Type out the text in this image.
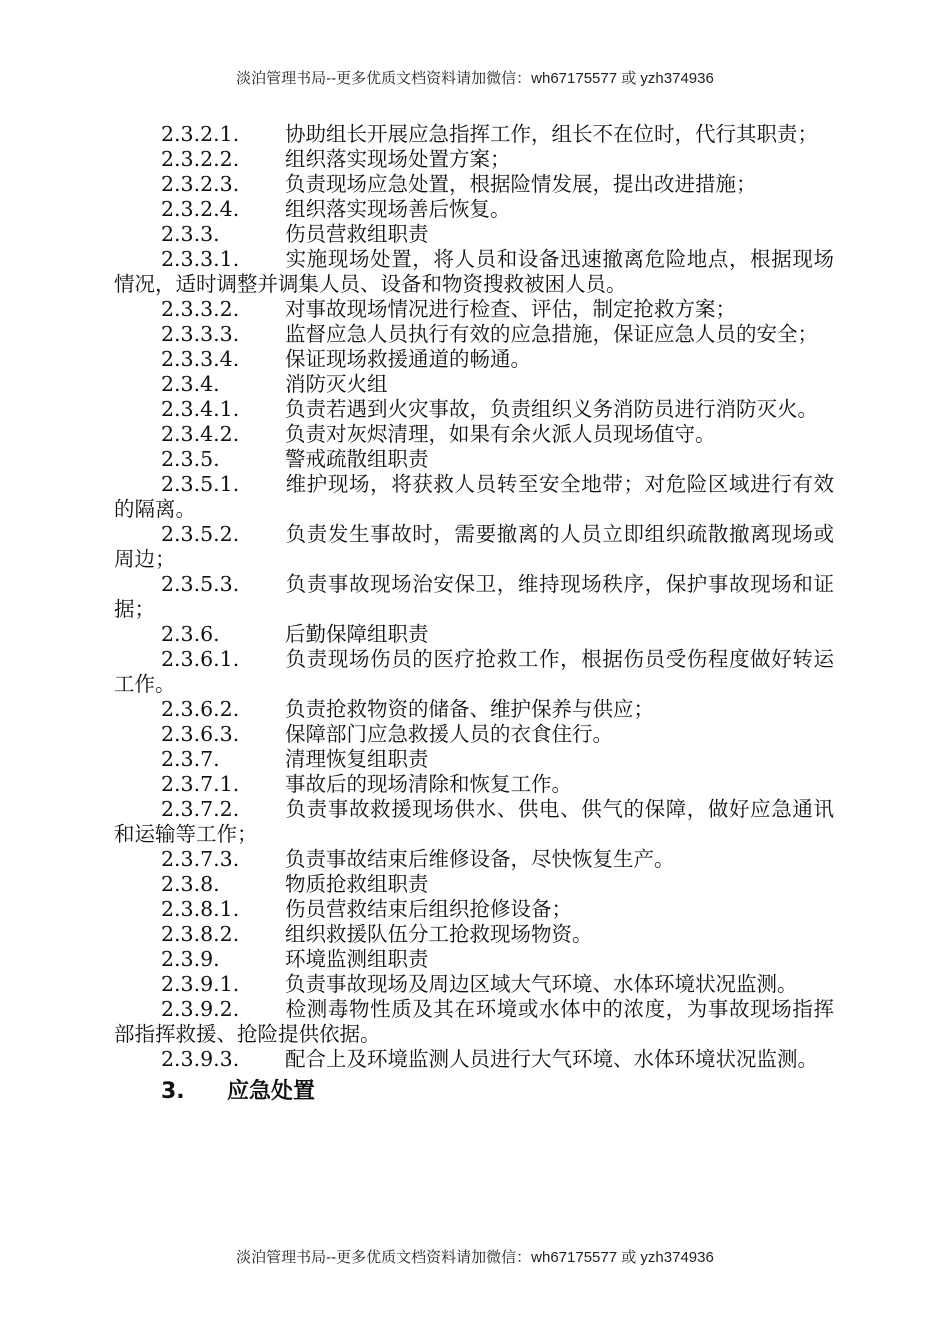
淡泊管理书局--更多优质文档资料请加微信：wh67175577 或 yzh374936
2.3.2.1. 协助组长开展应急指挥工作，组长不在位时，代行其职责；
2.3.2.2. 组织落实现场处置方案；
2.3.2.3. 负责现场应急处置，根据险情发展，提出改进措施；
2.3.2.4. 组织落实现场善后恢复。
2.3.3.	伤员营救组职责
2.3.3.1. 实施现场处置，将人员和设备迅速撤离危险地点，根据现场情况，适时调整并调集人员、设备和物资搜救被困人员。
2.3.3.2. 对事故现场情况进行检查、评估，制定抢救方案；
2.3.3.3. 监督应急人员执行有效的应急措施，保证应急人员的安全；
2.3.3.4. 保证现场救援通道的畅通。
2.3.4.	消防灭火组
2.3.4.1. 负责若遇到火灾事故，负责组织义务消防员进行消防灭火。
2.3.4.2. 负责对灰烬清理，如果有余火派人员现场值守。
2.3.5.	警戒疏散组职责
2.3.5.1. 维护现场，将获救人员转至安全地带；对危险区域进行有效的隔离。
2.3.5.2. 负责发生事故时，需要撤离的人员立即组织疏散撤离现场或周边；
2.3.5.3. 负责事故现场治安保卫，维持现场秩序，保护事故现场和证据；
2.3.6.	后勤保障组职责
2.3.6.1. 负责现场伤员的医疗抢救工作，根据伤员受伤程度做好转运工作。
2.3.6.2. 负责抢救物资的储备、维护保养与供应；
2.3.6.3. 保障部门应急救援人员的衣食住行。
2.3.7.	清理恢复组职责
2.3.7.1. 事故后的现场清除和恢复工作。
2.3.7.2. 负责事故救援现场供水、供电、供气的保障，做好应急通讯和运输等工作；
2.3.7.3. 负责事故结束后维修设备，尽快恢复生产。
2.3.8.	物质抢救组职责
2.3.8.1. 伤员营救结束后组织抢修设备；
2.3.8.2. 组织救援队伍分工抢救现场物资。
2.3.9.	环境监测组职责
2.3.9.1. 负责事故现场及周边区域大气环境、水体环境状况监测。
2.3.9.2. 检测毒物性质及其在环境或水体中的浓度，为事故现场指挥部指挥救援、抢险提供依据。
2.3.9.3. 配合上及环境监测人员进行大气环境、水体环境状况监测。
3. 应急处置
淡泊管理书局--更多优质文档资料请加微信：wh67175577 或 yzh374936
